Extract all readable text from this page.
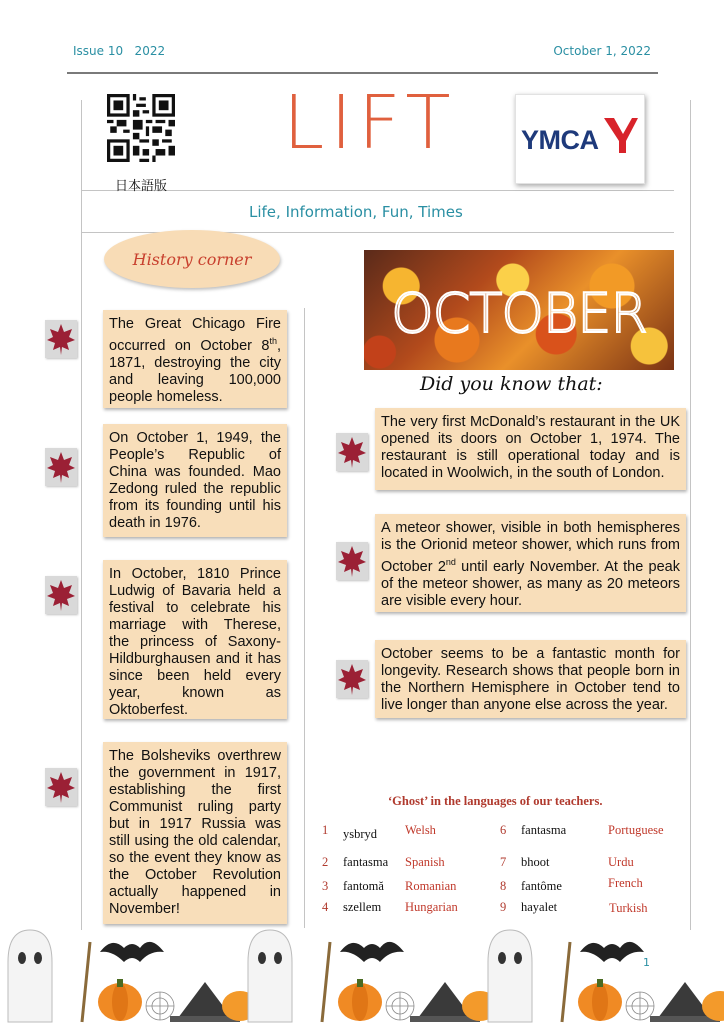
Issue 10   2022	October 1, 2022
日本語版
LIFT
Life, Information, Fun, Times
YMCA
History corner
The Great Chicago Fire occurred on October 8th, 1871, destroying the city and leaving 100,000 people homeless.
On October 1, 1949, the People’s Republic of China was founded. Mao Zedong ruled the republic from its founding until his death in 1976.
In October, 1810 Prince Ludwig of Bavaria held a festival to celebrate his marriage with Therese, the princess of Saxony-Hildburghausen and it has since been held every year, known as Oktoberfest.
The Bolsheviks overthrew the government in 1917, establishing the first Communist ruling party but in 1917 Russia was still using the old calendar, so the event they know as the October Revolution actually happened in November!
OCTOBER
Did you know that:
The very first McDonald’s restaurant in the UK opened its doors on October 1, 1974. The restaurant is still operational today and is located in Woolwich, in the south of London.
A meteor shower, visible in both hemispheres is the Orionid meteor shower, which runs from October 2nd until early November. At the peak of the meteor shower, as many as 20 meteors are visible every hour.
October seems to be a fantastic month for longevity. Research shows that people born in the Northern Hemisphere in October tend to live longer than anyone else across the year.
‘Ghost’ in the languages of our teachers.
1 ysbryd Welsh
2 fantasma Spanish
3 fantomă Romanian
4 szellem Hungarian
6 fantasma	Portuguese
7 bhoot	Urdu
8 fantôme	French
9 hayalet	Turkish
1
